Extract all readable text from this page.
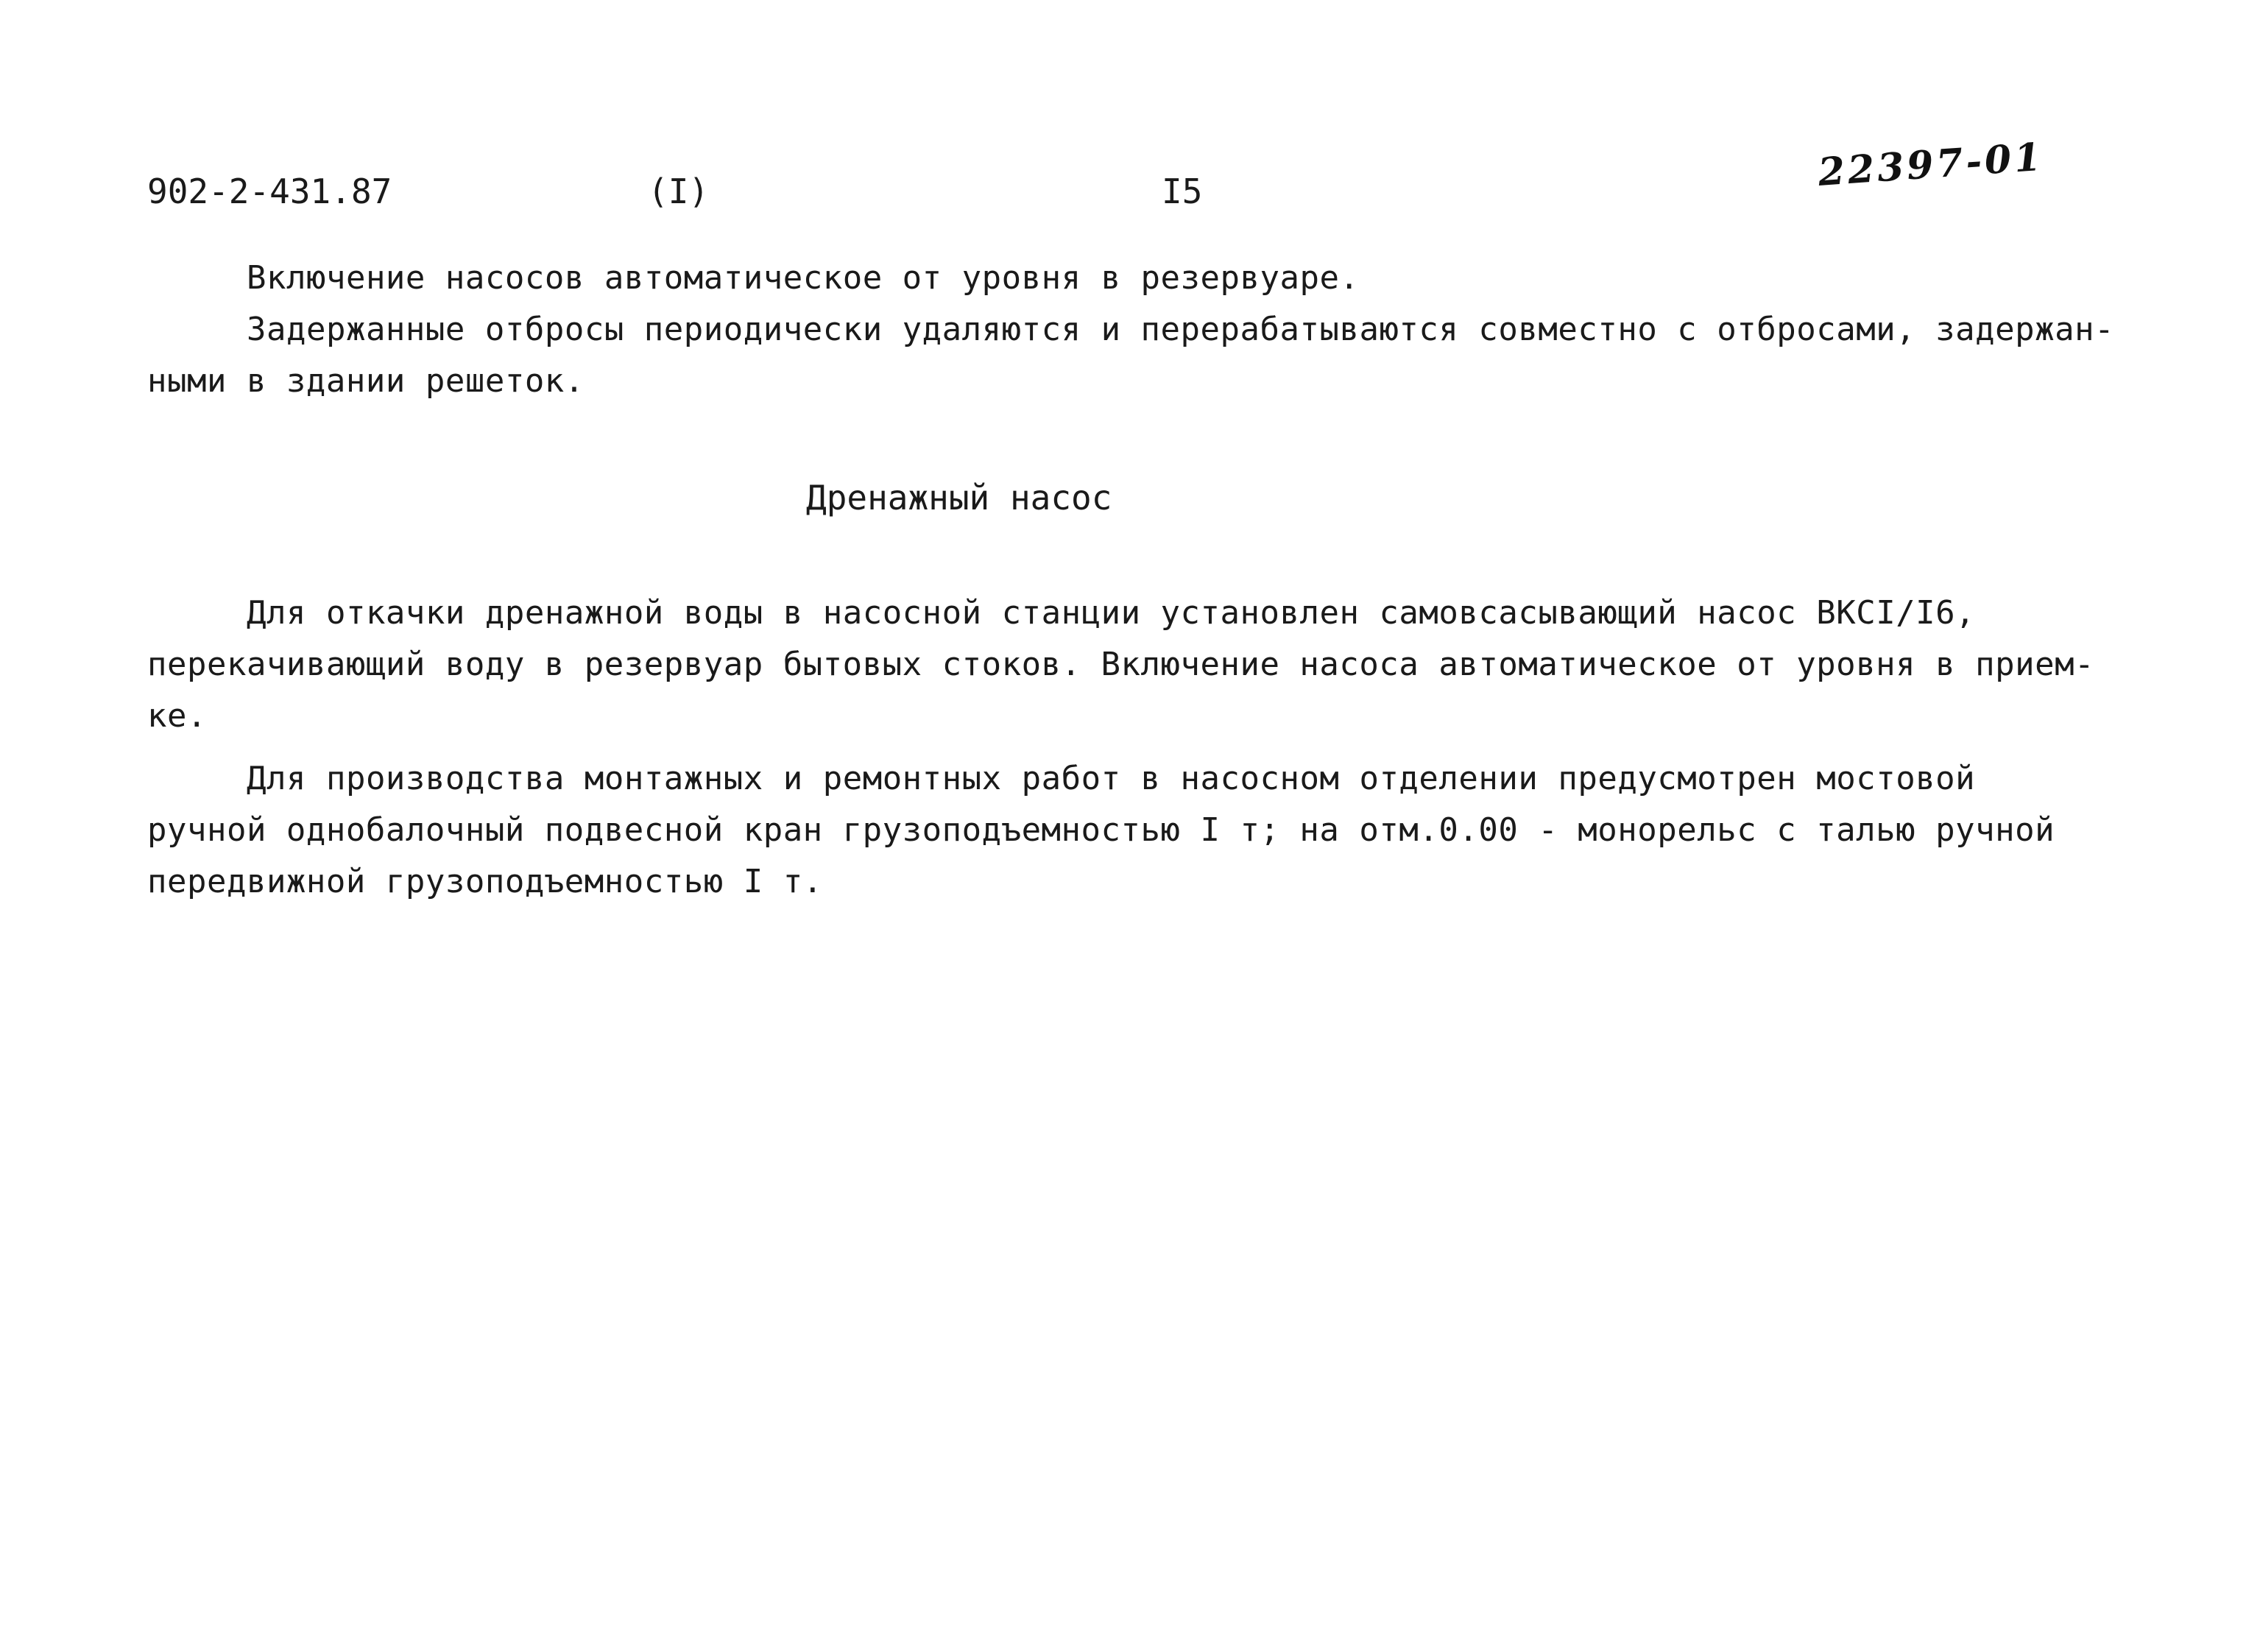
902-2-431.87	(I)	I5	22397-01
Включение насосов автоматическое от уровня в резервуаре.
Задержанные отбросы периодически удаляются и перерабатываются совместно с отбросами, задержан-
ными в здании решеток.
Дренажный насос
Для откачки дренажной воды в насосной станции установлен самовсасывающий насос ВКСI/I6,
перекачивающий воду в резервуар бытовых стоков. Включение насоса автоматическое от уровня в прием-
ке.
Для производства монтажных и ремонтных работ в насосном отделении предусмотрен мостовой
ручной однобалочный подвесной кран грузоподъемностью I т; на отм.0.00 - монорельс с талью ручной
передвижной грузоподъемностью I т.
